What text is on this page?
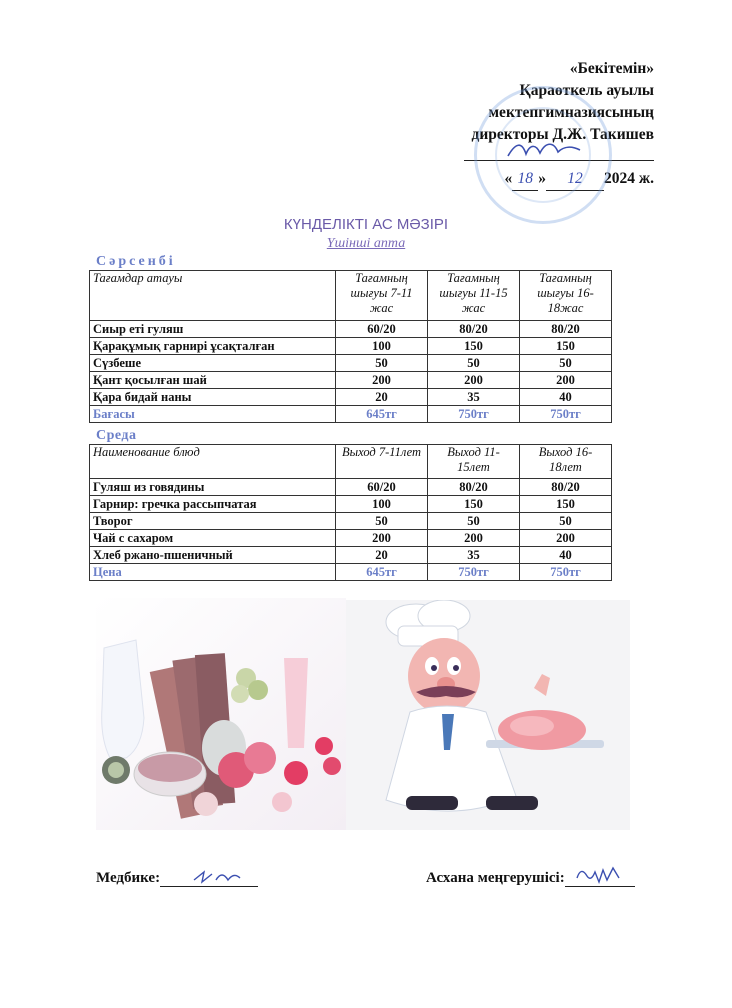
«Бекітемін»
Қараөткель ауылы
мектепгимназиясының
директоры Д.Ж. Такишев
« 18 » 12 2024 ж.
КҮНДЕЛІКТІ АС МӘЗІРІ
Үшінші апта
Сәрсенбі
Тағамдар атауы	Тағамның шығуы 7-11 жас	Тағамның шығуы 11-15 жас	Тағамның шығуы 16-18жас
Сиыр еті гуляш	60/20	80/20	80/20
Қарақұмық гарнирі ұсақталған	100	150	150
Сүзбеше	50	50	50
Қант қосылған шай	200	200	200
Қара бидай наны	20	35	40
Бағасы	645тг	750тг	750тг
Среда
Наименование блюд	Выход 7-11лет	Выход 11-15лет	Выход 16-18лет
Гуляш из говядины	60/20	80/20	80/20
Гарнир: гречка рассыпчатая	100	150	150
Творог	50	50	50
Чай с сахаром	200	200	200
Хлеб ржано-пшеничный	20	35	40
Цена	645тг	750тг	750тг
Медбике:	Асхана меңгерушісі:
